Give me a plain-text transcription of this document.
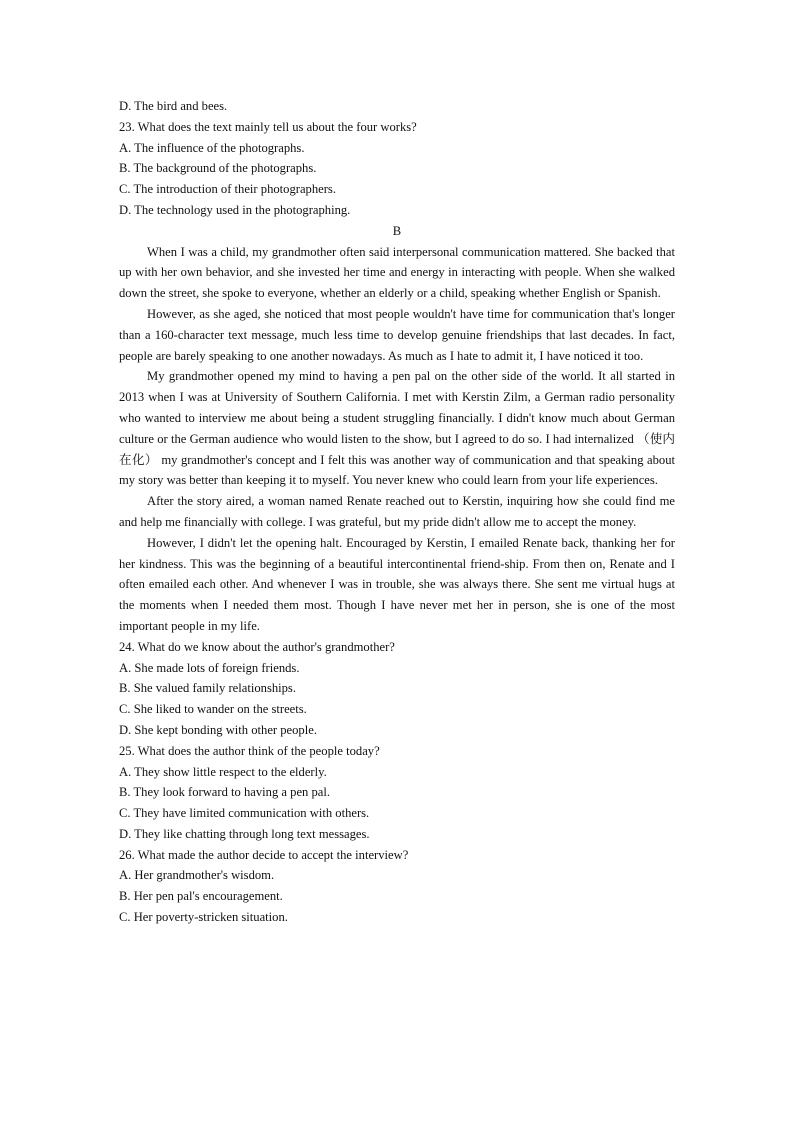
D. The bird and bees.

23. What does the text mainly tell us about the four works?

A. The influence of the photographs.

B. The background of the photographs.

C. The introduction of their photographers.

D. The technology used in the photographing.

B

When I was a child, my grandmother often said interpersonal communication mattered. She backed that up with her own behavior, and she invested her time and energy in interacting with people. When she walked down the street, she spoke to everyone, whether an elderly or a child, speaking whether English or Spanish.

However, as she aged, she noticed that most people wouldn't have time for communication that's longer than a 160-character text message, much less time to develop genuine friendships that last decades. In fact, people are barely speaking to one another nowadays. As much as I hate to admit it, I have noticed it too.

My grandmother opened my mind to having a pen pal on the other side of the world. It all started in 2013 when I was at University of Southern California. I met with Kerstin Zilm, a German radio personality who wanted to interview me about being a student struggling financially. I didn't know much about German culture or the German audience who would listen to the show, but I agreed to do so. I had internalized （使内在化） my grandmother's concept and I felt this was another way of communication and that speaking about my story was better than keeping it to myself. You never knew who could learn from your life experiences.

After the story aired, a woman named Renate reached out to Kerstin, inquiring how she could find me and help me financially with college. I was grateful, but my pride didn't allow me to accept the money.

However, I didn't let the opening halt. Encouraged by Kerstin, I emailed Renate back, thanking her for her kindness. This was the beginning of a beautiful intercontinental friend-ship. From then on, Renate and I often emailed each other. And whenever I was in trouble, she was always there. She sent me virtual hugs at the moments when I needed them most. Though I have never met her in person, she is one of the most important people in my life.

24. What do we know about the author's grandmother?

A. She made lots of foreign friends.

B. She valued family relationships.

C. She liked to wander on the streets.

D. She kept bonding with other people.

25. What does the author think of the people today?

A. They show little respect to the elderly.

B. They look forward to having a pen pal.

C. They have limited communication with others.

D. They like chatting through long text messages.

26. What made the author decide to accept the interview?

A. Her grandmother's wisdom.

B. Her pen pal's encouragement.

C. Her poverty-stricken situation.
